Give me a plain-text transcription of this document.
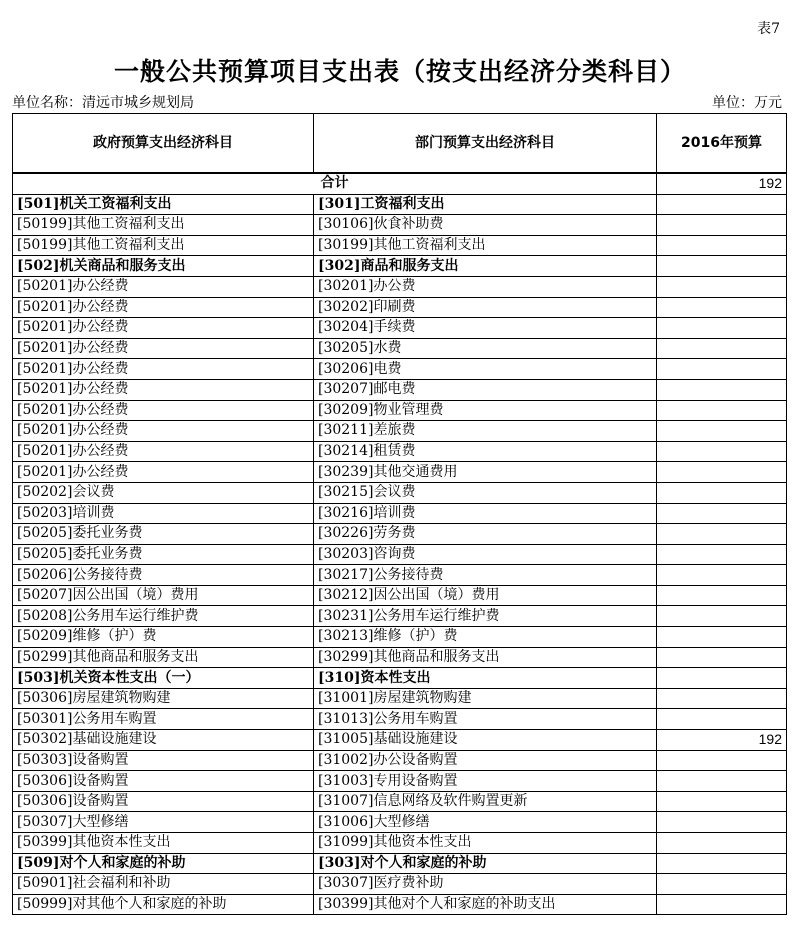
表7
一般公共预算项目支出表（按支出经济分类科目）
单位名称：清远市城乡规划局	单位：万元
政府预算支出经济科目	部门预算支出经济科目	2016年预算
合计		192
[501]机关工资福利支出	[301]工资福利支出	
[50199]其他工资福利支出	[30106]伙食补助费	
[50199]其他工资福利支出	[30199]其他工资福利支出	
[502]机关商品和服务支出	[302]商品和服务支出	
[50201]办公经费	[30201]办公费	
[50201]办公经费	[30202]印刷费	
[50201]办公经费	[30204]手续费	
[50201]办公经费	[30205]水费	
[50201]办公经费	[30206]电费	
[50201]办公经费	[30207]邮电费	
[50201]办公经费	[30209]物业管理费	
[50201]办公经费	[30211]差旅费	
[50201]办公经费	[30214]租赁费	
[50201]办公经费	[30239]其他交通费用	
[50202]会议费	[30215]会议费	
[50203]培训费	[30216]培训费	
[50205]委托业务费	[30226]劳务费	
[50205]委托业务费	[30203]咨询费	
[50206]公务接待费	[30217]公务接待费	
[50207]因公出国（境）费用	[30212]因公出国（境）费用	
[50208]公务用车运行维护费	[30231]公务用车运行维护费	
[50209]维修（护）费	[30213]维修（护）费	
[50299]其他商品和服务支出	[30299]其他商品和服务支出	
[503]机关资本性支出（一）	[310]资本性支出	
[50306]房屋建筑物购建	[31001]房屋建筑物购建	
[50301]公务用车购置	[31013]公务用车购置	
[50302]基础设施建设	[31005]基础设施建设	192
[50303]设备购置	[31002]办公设备购置	
[50306]设备购置	[31003]专用设备购置	
[50306]设备购置	[31007]信息网络及软件购置更新	
[50307]大型修缮	[31006]大型修缮	
[50399]其他资本性支出	[31099]其他资本性支出	
[509]对个人和家庭的补助	[303]对个人和家庭的补助	
[50901]社会福利和补助	[30307]医疗费补助	
[50999]对其他个人和家庭的补助	[30399]其他对个人和家庭的补助支出	
